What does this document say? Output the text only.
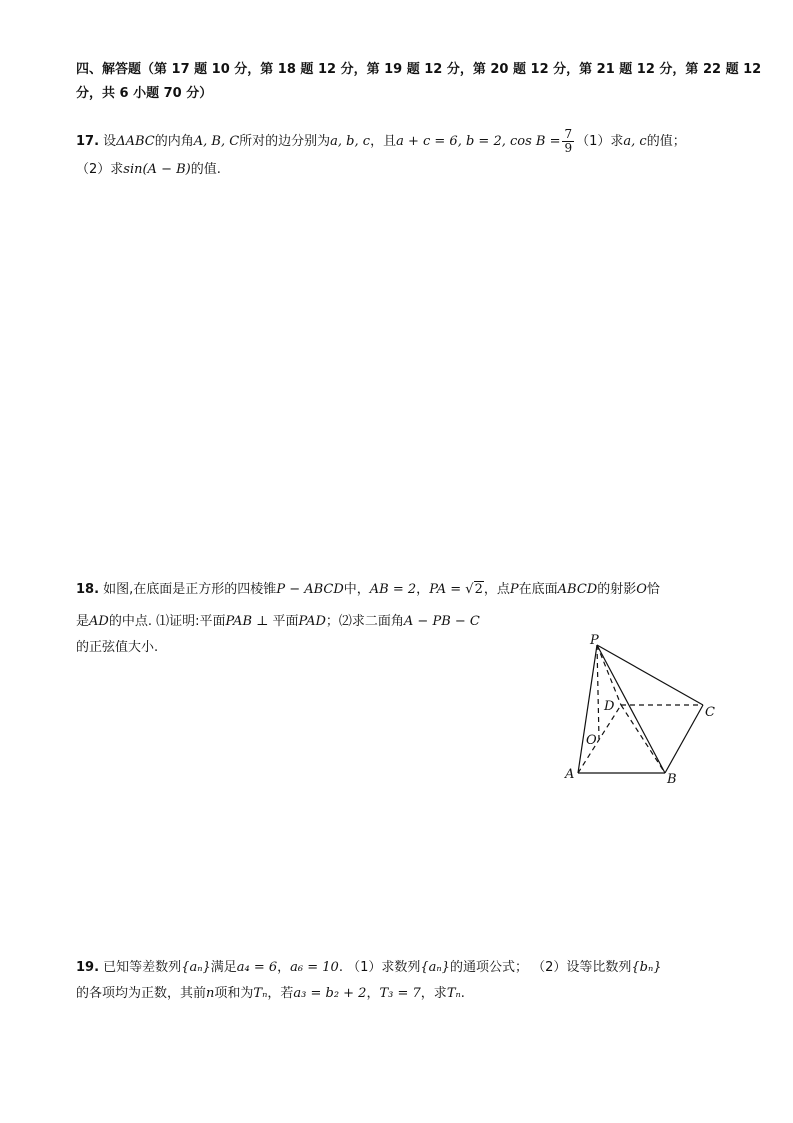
四、解答题（第 17 题 10 分，第 18 题 12 分，第 19 题 12 分，第 20 题 12 分，第 21 题 12 分，第 22 题 12
分，共 6 小题 70 分）
17. 设ΔABC的内角A, B, C所对的边分别为a, b, c，且a + c = 6, b = 2, $\cos B = \frac{7}{9} (1)$求a, c的值；
（2）求sin(A − B)的值.
18. 如图,在底面是正方形的四棱锥P − ABCD中，AB = 2，PA = √2，点P在底面ABCD的射影O恰
是AD的中点. ⑴证明:平面PAB ⊥ 平面PAD；⑵求二面角A − PB − C
的正弦值大小.	P
D	C
O
A	B
19. 已知等差数列{aₙ}满足a₄ = 6，a₆ = 10. （1）求数列{aₙ}的通项公式； （2）设等比数列{bₙ}
的各项均为正数，其前n项和为Tₙ，若a₃ = b₂ + 2，T₃ = 7，求Tₙ.
